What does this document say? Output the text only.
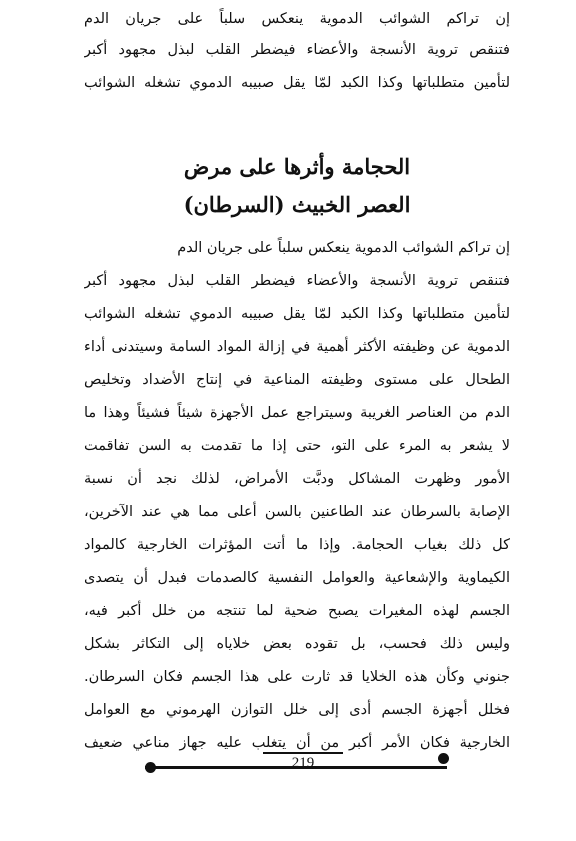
إن تراكم الشوائب الدموية ينعكس سلباً على جريان الدم
فتنقص تروية الأنسجة والأعضاء فيضطر القلب لبذل مجهود أكبر
لتأمين متطلباتها وكذا الكبد لمّا يقل صبيبه الدموي تشغله الشوائب
الحجامة وأثرها على مرض
العصر الخبيث (السرطان)
إن تراكم الشوائب الدموية ينعكس سلباً على جريان الدم
فتنقص تروية الأنسجة والأعضاء فيضطر القلب لبذل مجهود أكبر
لتأمين متطلباتها وكذا الكبد لمّا يقل صبيبه الدموي تشغله الشوائب
الدموية عن وظيفته الأكثر أهمية في إزالة المواد السامة وسيتدنى أداء
الطحال على مستوى وظيفته المناعية في إنتاج الأضداد وتخليص
الدم من العناصر الغريبة وسيتراجع عمل الأجهزة شيئاً فشيئاً وهذا ما
لا يشعر به المرء على التو، حتى إذا ما تقدمت به السن تفاقمت
الأمور وظهرت المشاكل ودبَّت الأمراض، لذلك نجد أن نسبة
الإصابة بالسرطان عند الطاعنين بالسن أعلى مما هي عند الآخرين،
كل ذلك بغياب الحجامة. وإذا ما أتت المؤثرات الخارجية كالمواد
الكيماوية والإشعاعية والعوامل النفسية كالصدمات فبدل أن يتصدى
الجسم لهذه المغيرات يصبح ضحية لما تنتجه من خلل أكبر فيه،
وليس ذلك فحسب، بل تقوده بعض خلاياه إلى التكاثر بشكل
جنوني وكأن هذه الخلايا قد ثارت على هذا الجسم فكان السرطان.
فخلل أجهزة الجسم أدى إلى خلل التوازن الهرموني مع العوامل
الخارجية فكان الأمر أكبر من أن يتغلب عليه جهاز مناعي ضعيف
219
